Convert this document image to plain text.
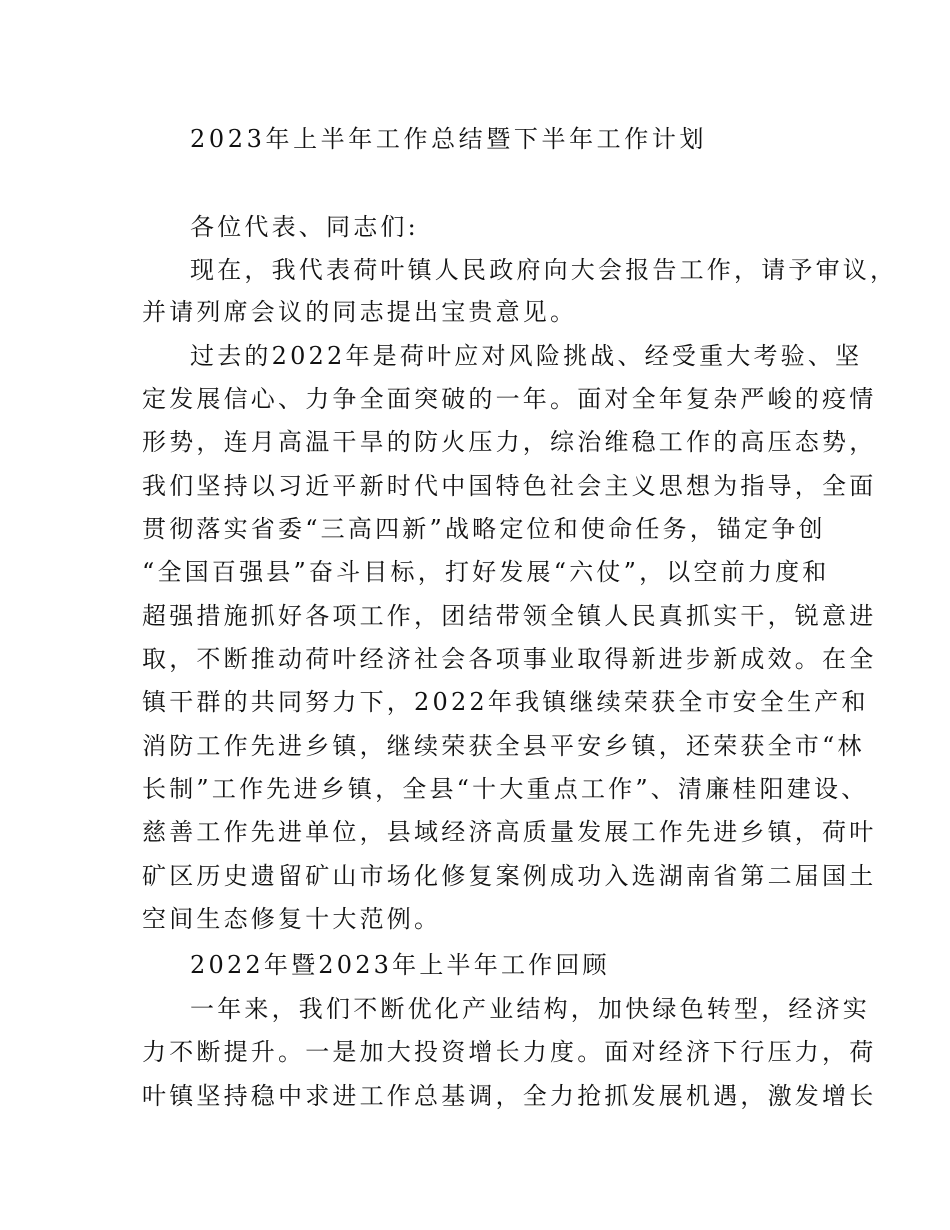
2023年上半年工作总结暨下半年工作计划

各位代表、同志们:

现在，我代表荷叶镇人民政府向大会报告工作，请予审议，

并请列席会议的同志提出宝贵意见。

过去的2022年是荷叶应对风险挑战、经受重大考验、坚

定发展信心、力争全面突破的一年。面对全年复杂严峻的疫情

形势，连月高温干旱的防火压力，综治维稳工作的高压态势，

我们坚持以习近平新时代中国特色社会主义思想为指导，全面

贯彻落实省委“三高四新”战略定位和使命任务，锚定争创

“全国百强县”奋斗目标，打好发展“六仗”，以空前力度和

超强措施抓好各项工作，团结带领全镇人民真抓实干，锐意进

取，不断推动荷叶经济社会各项事业取得新进步新成效。在全

镇干群的共同努力下，2022年我镇继续荣获全市安全生产和

消防工作先进乡镇，继续荣获全县平安乡镇，还荣获全市“林

长制”工作先进乡镇，全县“十大重点工作”、清廉桂阳建设、

慈善工作先进单位，县域经济高质量发展工作先进乡镇，荷叶

矿区历史遗留矿山市场化修复案例成功入选湖南省第二届国土

空间生态修复十大范例。

2022年暨2023年上半年工作回顾

一年来，我们不断优化产业结构，加快绿色转型，经济实

力不断提升。一是加大投资增长力度。面对经济下行压力，荷

叶镇坚持稳中求进工作总基调，全力抢抓发展机遇，激发增长
